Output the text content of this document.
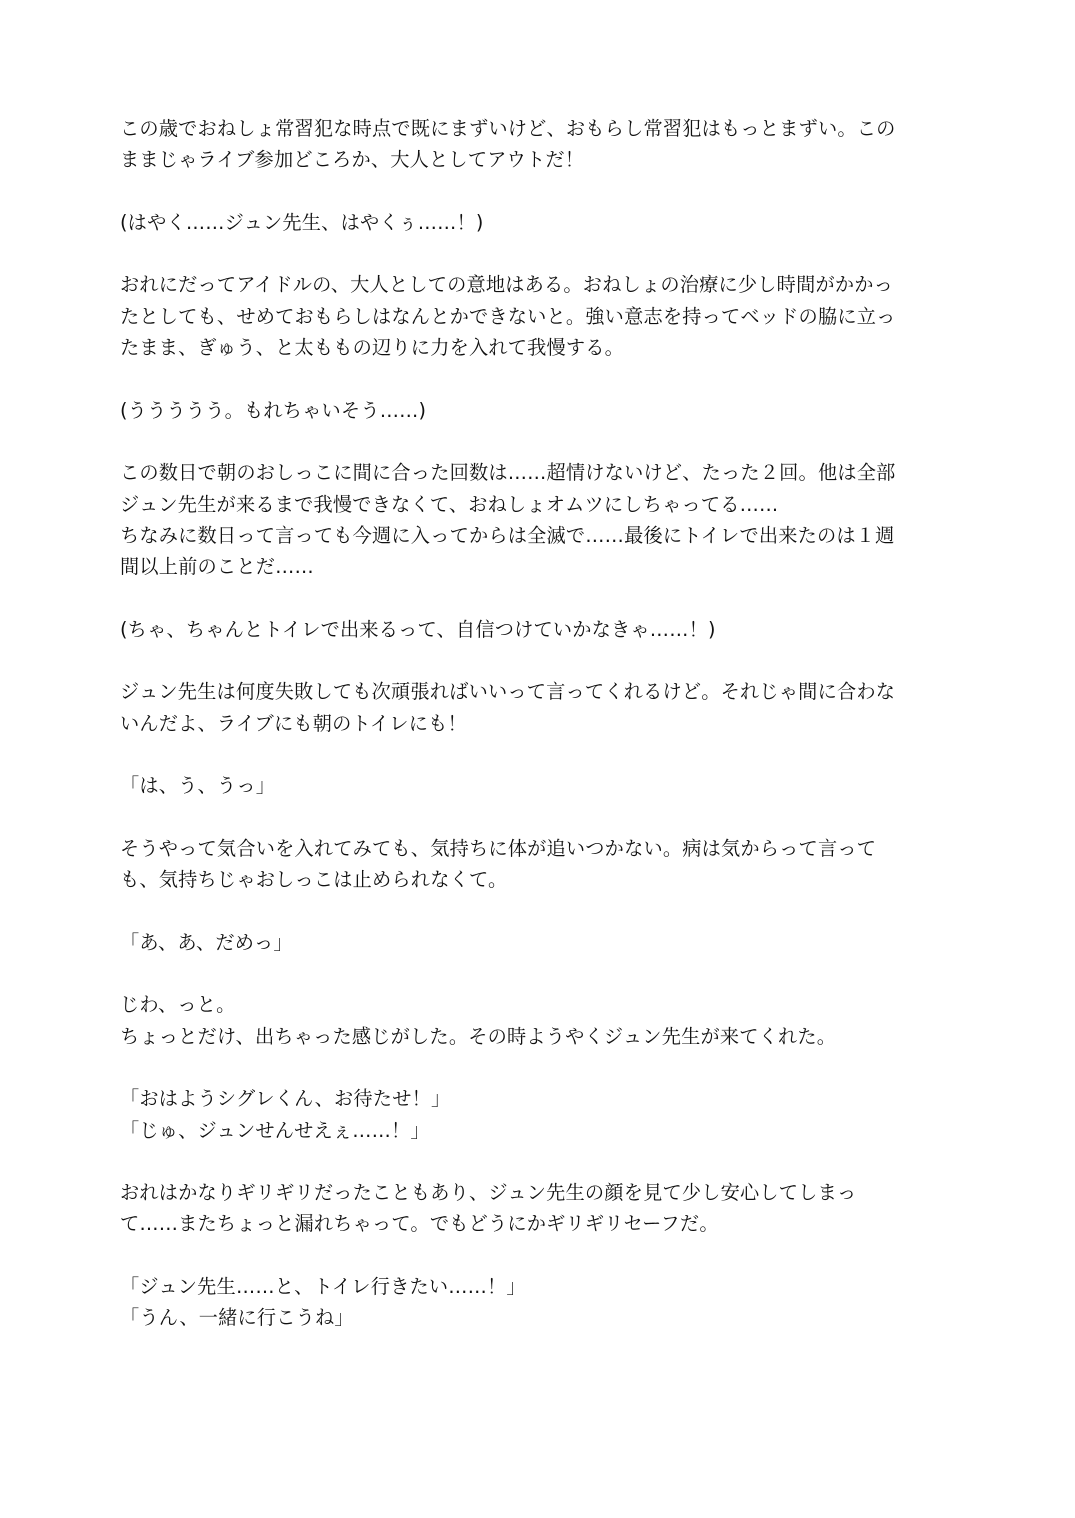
この歳でおねしょ常習犯な時点で既にまずいけど、おもらし常習犯はもっとまずい。この
ままじゃライブ参加どころか、大人としてアウトだ！
(はやく……ジュン先生、はやくぅ……！)
おれにだってアイドルの、大人としての意地はある。おねしょの治療に少し時間がかかっ
たとしても、せめておもらしはなんとかできないと。強い意志を持ってベッドの脇に立っ
たまま、ぎゅう、と太ももの辺りに力を入れて我慢する。
(ううううう。もれちゃいそう……)
この数日で朝のおしっこに間に合った回数は……超情けないけど、たった２回。他は全部
ジュン先生が来るまで我慢できなくて、おねしょオムツにしちゃってる……
ちなみに数日って言っても今週に入ってからは全滅で……最後にトイレで出来たのは１週
間以上前のことだ……
(ちゃ、ちゃんとトイレで出来るって、自信つけていかなきゃ……！)
ジュン先生は何度失敗しても次頑張ればいいって言ってくれるけど。それじゃ間に合わな
いんだよ、ライブにも朝のトイレにも！
「は、う、うっ」
そうやって気合いを入れてみても、気持ちに体が追いつかない。病は気からって言って
も、気持ちじゃおしっこは止められなくて。
「あ、あ、だめっ」
じわ、っと。
ちょっとだけ、出ちゃった感じがした。その時ようやくジュン先生が来てくれた。
「おはようシグレくん、お待たせ！」
「じゅ、ジュンせんせえぇ……！」
おれはかなりギリギリだったこともあり、ジュン先生の顔を見て少し安心してしまっ
て……またちょっと漏れちゃって。でもどうにかギリギリセーフだ。
「ジュン先生……と、トイレ行きたい……！」
「うん、一緒に行こうね」
